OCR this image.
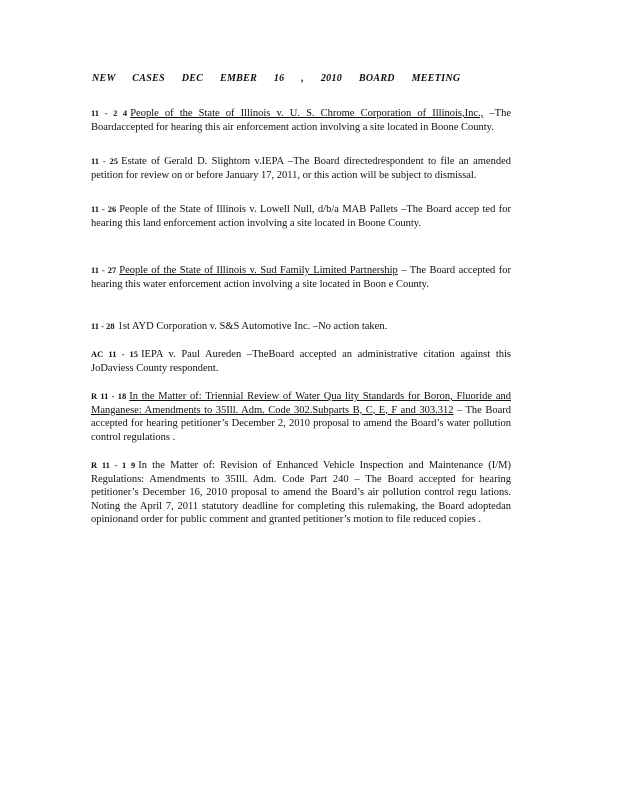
NEW CASES DEC EMBER 16 , 2010 BOARD MEETING
11 - 2 4 People of the State of Illinois v. U. S. Chrome Corporation of Illinois,Inc., –The Boardaccepted for hearing this air enforcement action involving a site located in Boone County.
11 - 25 Estate of Gerald D. Slightom v.IEPA –The Board directedrespondent to file an amended petition for review on or before January 17, 2011, or this action will be subject to dismissal.
11 - 26 People of the State of Illinois v. Lowell Null, d/b/a MAB Pallets –The Board accep ted for hearing this land enforcement action involving a site located in Boone County.
11 - 27 People of the State of Illinois v. Sud Family Limited Partnership – The Board accepted for hearing this water enforcement action involving a site located in Boon e County.
11 - 28 1st AYD Corporation v. S&S Automotive Inc. –No action taken.
AC 11 - 15 IEPA v. Paul Aureden –TheBoard accepted an administrative citation against this JoDaviess County respondent.
R 11 - 18 In the Matter of: Triennial Review of Water Qua lity Standards for Boron, Fluoride and Manganese: Amendments to 35Ill. Adm. Code 302.Subparts B, C, E, F and 303.312 – The Board accepted for hearing petitioner’s December 2, 2010 proposal to amend the Board’s water pollution control regulations .
R 11 - 1 9 In the Matter of: Revision of Enhanced Vehicle Inspection and Maintenance (I/M) Regulations: Amendments to 35Ill. Adm. Code Part 240 – The Board accepted for hearing petitioner’s December 16, 2010 proposal to amend the Board’s air pollution control regu lations. Noting the April 7, 2011 statutory deadline for completing this rulemaking, the Board adoptedan opinionand order for public comment and granted petitioner’s motion to file reduced copies .
